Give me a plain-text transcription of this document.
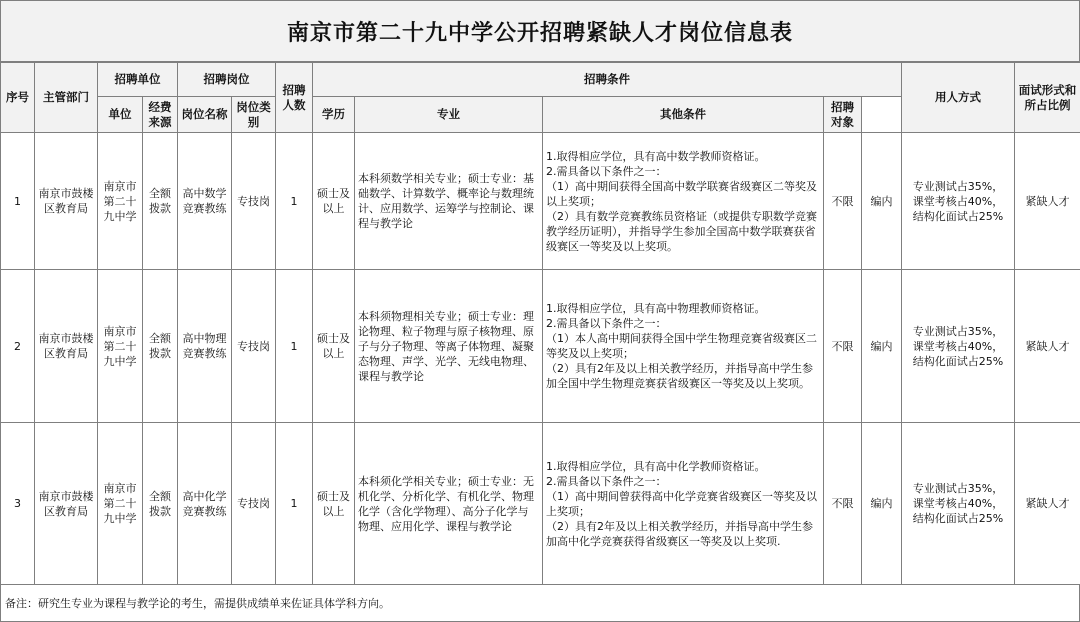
南京市第二十九中学公开招聘紧缺人才岗位信息表
序号	主管部门	招聘单位		招聘岗位		招聘人数	招聘条件					用人方式	面试形式和所占比例	
		单位	经费来源	岗位名称	岗位类别		学历	专业	其他条件	招聘对象				
1	南京市鼓楼区教育局	南京市第二十九中学	全额拨款	高中数学竞赛教练	专技岗	1	硕士及以上	本科须数学相关专业；硕士专业：基础数学、计算数学、概率论与数理统计、应用数学、运筹学与控制论、课程与教学论	1.取得相应学位，具有高中数学教师资格证。
2.需具备以下条件之一：
（1）高中期间获得全国高中数学联赛省级赛区二等奖及以上奖项；
（2）具有数学竞赛教练员资格证（或提供专职数学竞赛教学经历证明），并指导学生参加全国高中数学联赛获省级赛区一等奖及以上奖项。	不限	编内	专业测试占35%，
课堂考核占40%，
结构化面试占25%	紧缺人才	
2	南京市鼓楼区教育局	南京市第二十九中学	全额拨款	高中物理竞赛教练	专技岗	1	硕士及以上	本科须物理相关专业；硕士专业：理论物理、粒子物理与原子核物理、原子与分子物理、等离子体物理、凝聚态物理、声学、光学、无线电物理、课程与教学论	1.取得相应学位，具有高中物理教师资格证。
2.需具备以下条件之一：
（1）本人高中期间获得全国中学生物理竞赛省级赛区二等奖及以上奖项；
（2）具有2年及以上相关教学经历，并指导高中学生参加全国中学生物理竞赛获省级赛区一等奖及以上奖项。	不限	编内	专业测试占35%，
课堂考核占40%，
结构化面试占25%	紧缺人才	
3	南京市鼓楼区教育局	南京市第二十九中学	全额拨款	高中化学竞赛教练	专技岗	1	硕士及以上	本科须化学相关专业；硕士专业：无机化学、分析化学、有机化学、物理化学（含化学物理）、高分子化学与物理、应用化学、课程与教学论	1.取得相应学位，具有高中化学教师资格证。
2.需具备以下条件之一：
（1）高中期间曾获得高中化学竞赛省级赛区一等奖及以上奖项；
（2）具有2年及以上相关教学经历，并指导高中学生参加高中化学竞赛获得省级赛区一等奖及以上奖项.	不限	编内	专业测试占35%，
课堂考核占40%，
结构化面试占25%	紧缺人才	
备注：研究生专业为课程与教学论的考生，需提供成绩单来佐证具体学科方向。
